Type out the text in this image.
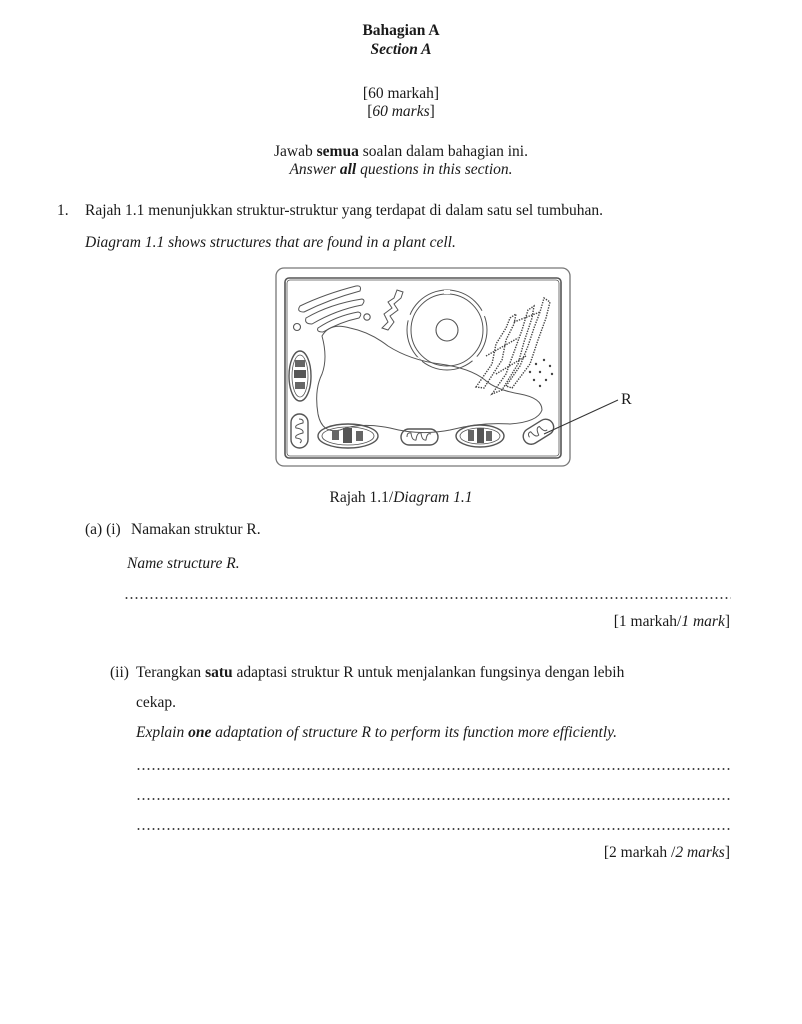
Bahagian A
Section A
[60 markah]
[60 marks]
Jawab semua soalan dalam bahagian ini.
Answer all questions in this section.
1. Rajah 1.1 menunjukkan struktur-struktur yang terdapat di dalam satu sel tumbuhan.
Diagram 1.1 shows structures that are found in a plant cell.
R
Rajah 1.1/Diagram 1.1
(a) (i) Namakan struktur R.
Name structure R.
[1 markah/1 mark]
(ii) Terangkan satu adaptasi struktur R untuk menjalankan fungsinya dengan lebih
cekap.
Explain one adaptation of structure R to perform its function more efficiently.
[2 markah /2 marks]
